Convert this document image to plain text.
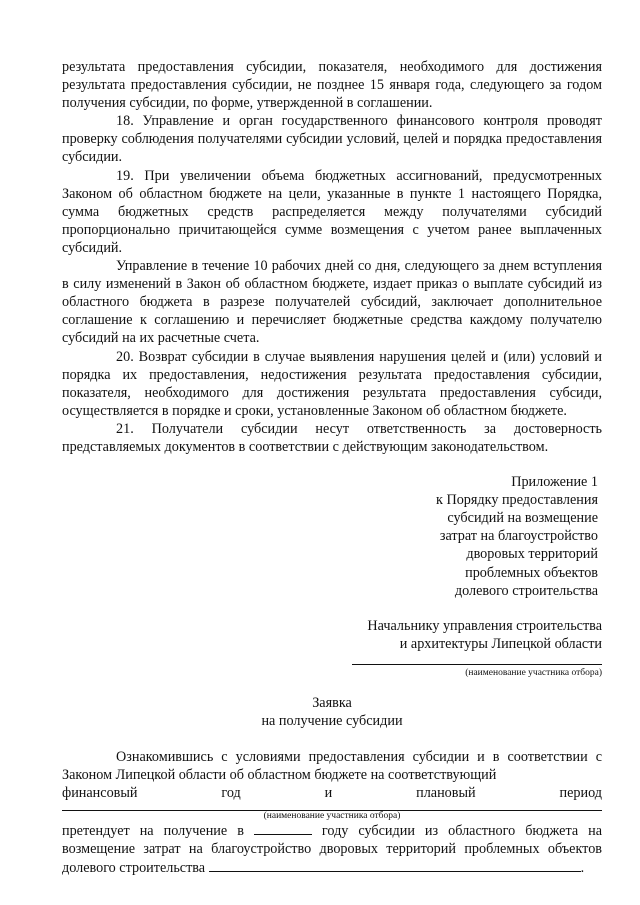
результата предоставления субсидии, показателя, необходимого для достижения результата предоставления субсидии, не позднее 15 января года, следующего за годом получения субсидии, по форме, утвержденной в соглашении.

18. Управление и орган государственного финансового контроля проводят проверку соблюдения получателями субсидии условий, целей и порядка предоставления субсидии.

19. При увеличении объема бюджетных ассигнований, предусмотренных Законом об областном бюджете на цели, указанные в пункте 1 настоящего Порядка, сумма бюджетных средств распределяется между получателями субсидий пропорционально причитающейся сумме возмещения с учетом ранее выплаченных субсидий.

Управление в течение 10 рабочих дней со дня, следующего за днем вступления в силу изменений в Закон об областном бюджете, издает приказ о выплате субсидий из областного бюджета в разрезе получателей субсидий, заключает дополнительное соглашение к соглашению и перечисляет бюджетные средства каждому получателю субсидий на их расчетные счета.

20. Возврат субсидии в случае выявления нарушения целей и (или) условий и порядка их предоставления, недостижения результата предоставления субсидии, показателя, необходимого для достижения результата предоставления субсиди, осуществляется в порядке и сроки, установленные Законом об областном бюджете.

21. Получатели субсидии несут ответственность за достоверность представляемых документов в соответствии с действующим законодательством.

Приложение 1
к Порядку предоставления
субсидий на возмещение
затрат на благоустройство
дворовых территорий
проблемных объектов
долевого строительства
Начальнику управления строительства
и архитектуры Липецкой области
(наименование участника отбора)
Заявка
на получение субсидии

Ознакомившись с условиями предоставления субсидии и в соответствии с Законом Липецкой области об областном бюджете на соответствующий

финансовый	год	и	плановый	период
(наименование участника отбора)

претендует на получение в	году субсидии из областного бюджета на возмещение затрат на благоустройство дворовых территорий проблемных объектов долевого строительства	.
